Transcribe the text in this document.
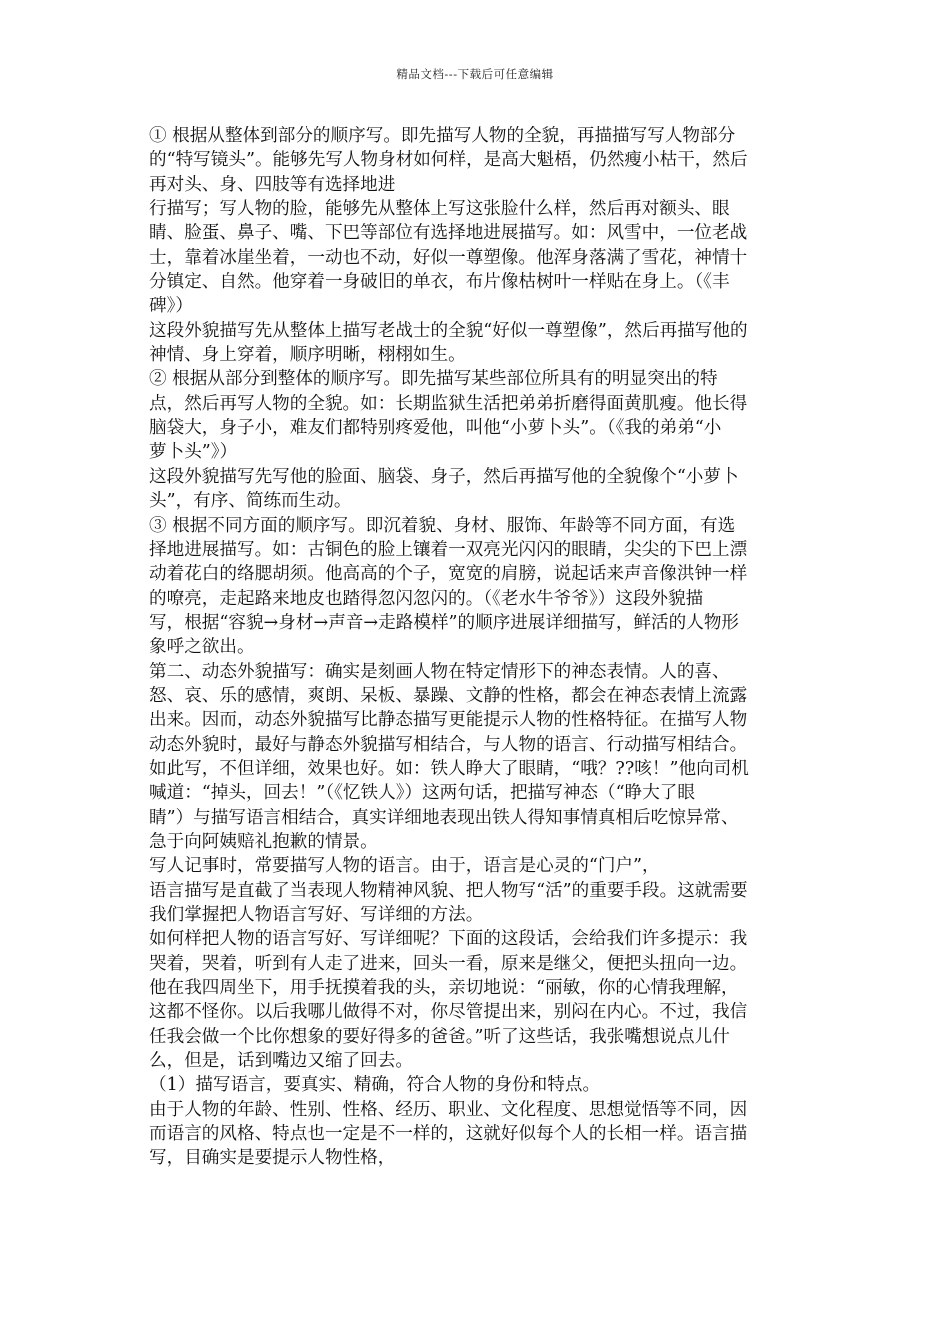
精品文档---下载后可任意编辑
① 根据从整体到部分的顺序写。即先描写人物的全貌，再描描写写人物部分
的“特写镜头”。能够先写人物身材如何样，是高大魁梧，仍然瘦小枯干，然后
再对头、身、四肢等有选择地进
行描写；写人物的脸，能够先从整体上写这张脸什么样，然后再对额头、眼
睛、脸蛋、鼻子、嘴、下巴等部位有选择地进展描写。如：风雪中，一位老战
士，靠着冰崖坐着，一动也不动，好似一尊塑像。他浑身落满了雪花，神情十
分镇定、自然。他穿着一身破旧的单衣，布片像枯树叶一样贴在身上。（《丰
碑》）
这段外貌描写先从整体上描写老战士的全貌“好似一尊塑像”，然后再描写他的
神情、身上穿着，顺序明晰，栩栩如生。
② 根据从部分到整体的顺序写。即先描写某些部位所具有的明显突出的特
点，然后再写人物的全貌。如：长期监狱生活把弟弟折磨得面黄肌瘦。他长得
脑袋大，身子小，难友们都特别疼爱他，叫他“小萝卜头”。（《我的弟弟“小
萝卜头”》）
这段外貌描写先写他的脸面、脑袋、身子，然后再描写他的全貌像个“小萝卜
头”，有序、简练而生动。
③ 根据不同方面的顺序写。即沉着貌、身材、服饰、年龄等不同方面，有选
择地进展描写。如：古铜色的脸上镶着一双亮光闪闪的眼睛，尖尖的下巴上漂
动着花白的络腮胡须。他高高的个子，宽宽的肩膀，说起话来声音像洪钟一样
的嘹亮，走起路来地皮也踏得忽闪忽闪的。（《老水牛爷爷》）这段外貌描
写，根据“容貌→身材→声音→走路模样”的顺序进展详细描写，鲜活的人物形
象呼之欲出。
第二、动态外貌描写：确实是刻画人物在特定情形下的神态表情。人的喜、
怒、哀、乐的感情，爽朗、呆板、暴躁、文静的性格，都会在神态表情上流露
出来。因而，动态外貌描写比静态描写更能提示人物的性格特征。在描写人物
动态外貌时，最好与静态外貌描写相结合，与人物的语言、行动描写相结合。
如此写，不但详细，效果也好。如：铁人睁大了眼睛，“哦？??咳！”他向司机
喊道：“掉头，回去！”（《忆铁人》）这两句话，把描写神态（“睁大了眼
睛”）与描写语言相结合，真实详细地表现出铁人得知事情真相后吃惊异常、
急于向阿姨赔礼抱歉的情景。
写人记事时，常要描写人物的语言。由于，语言是心灵的“门户”，
语言描写是直截了当表现人物精神风貌、把人物写“活”的重要手段。这就需要
我们掌握把人物语言写好、写详细的方法。
如何样把人物的语言写好、写详细呢？下面的这段话，会给我们许多提示：我
哭着，哭着，听到有人走了进来，回头一看，原来是继父，便把头扭向一边。
他在我四周坐下，用手抚摸着我的头，亲切地说：“丽敏，你的心情我理解，
这都不怪你。以后我哪儿做得不对，你尽管提出来，别闷在内心。不过，我信
任我会做一个比你想象的要好得多的爸爸。”听了这些话，我张嘴想说点儿什
么，但是，话到嘴边又缩了回去。
（1）描写语言，要真实、精确，符合人物的身份和特点。
由于人物的年龄、性别、性格、经历、职业、文化程度、思想觉悟等不同，因
而语言的风格、特点也一定是不一样的，这就好似每个人的长相一样。语言描
写，目确实是要提示人物性格，
